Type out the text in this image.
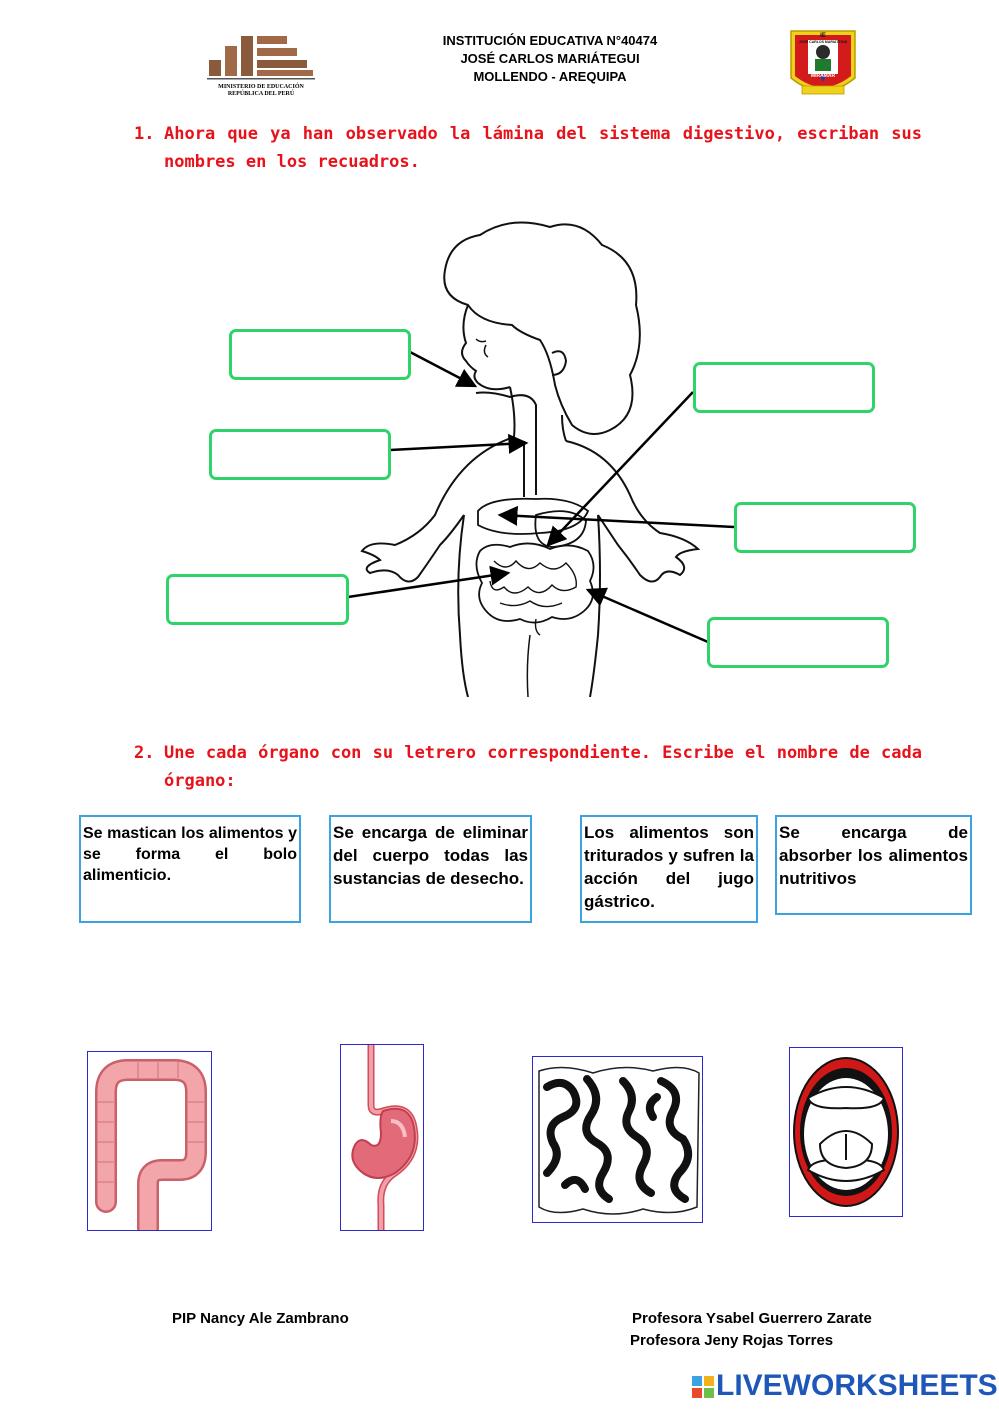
MINISTERIO DE EDUCACIÓN
REPÚBLICA DEL PERÚ
INSTITUCIÓN EDUCATIVA N°40474
JOSÉ CARLOS MARIÁTEGUI
MOLLENDO - AREQUIPA
IE
JOSÉ CARLOS MARIÁTEGUI
MIRAMAR
1. Ahora que ya han observado la lámina del sistema digestivo, escriban sus nombres en los recuadros.
2. Une cada órgano con su letrero correspondiente. Escribe el nombre de cada órgano:
Se mastican los alimentos y se forma el bolo alimenticio.
Se encarga de eliminar del cuerpo todas las sustancias de desecho.
Los alimentos son triturados y sufren la acción del jugo gástrico.
Se encarga de absorber los alimentos nutritivos
PIP Nancy Ale Zambrano	Profesora Ysabel Guerrero Zarate
Profesora Jeny Rojas Torres
LIVEWORKSHEETS
